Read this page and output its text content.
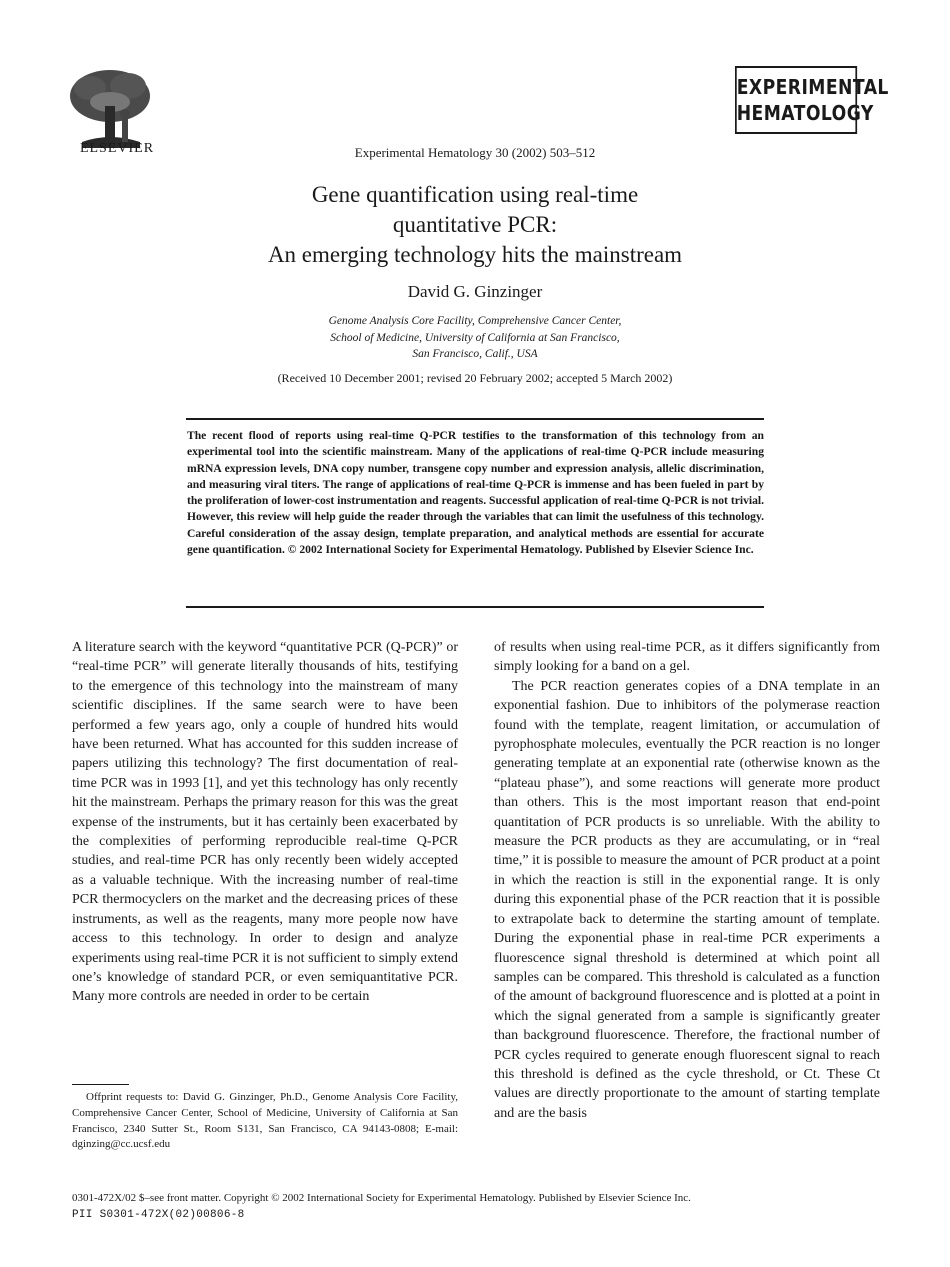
ELSEVIER	Experimental Hematology 30 (2002) 503–512
EXPERIMENTAL
HEMATOLOGY
Gene quantification using real-time
quantitative PCR:
An emerging technology hits the mainstream
David G. Ginzinger
Genome Analysis Core Facility, Comprehensive Cancer Center,
School of Medicine, University of California at San Francisco,
San Francisco, Calif., USA
(Received 10 December 2001; revised 20 February 2002; accepted 5 March 2002)
The recent flood of reports using real-time Q-PCR testifies to the transformation of this technology from an experimental tool into the scientific mainstream. Many of the applications of real-time Q-PCR include measuring mRNA expression levels, DNA copy number, transgene copy number and expression analysis, allelic discrimination, and measuring viral titers. The range of applications of real-time Q-PCR is immense and has been fueled in part by the proliferation of lower-cost instrumentation and reagents. Successful application of real-time Q-PCR is not trivial. However, this review will help guide the reader through the variables that can limit the usefulness of this technology. Careful consideration of the assay design, template preparation, and analytical methods are essential for accurate gene quantification. © 2002 International Society for Experimental Hematology. Published by Elsevier Science Inc.

A literature search with the keyword “quantitative PCR (Q-PCR)” or “real-time PCR” will generate literally thousands of hits, testifying to the emergence of this technology into the mainstream of many scientific disciplines. If the same search were to have been performed a few years ago, only a couple of hundred hits would have been returned. What has accounted for this sudden increase of papers utilizing this technology? The first documentation of real-time PCR was in 1993 [1], and yet this technology has only recently hit the mainstream. Perhaps the primary reason for this was the great expense of the instruments, but it has certainly been exacerbated by the complexities of performing reproducible real-time Q-PCR studies, and real-time PCR has only recently been widely accepted as a valuable technique. With the increasing number of real-time PCR thermocyclers on the market and the decreasing prices of these instruments, as well as the reagents, many more people now have access to this technology. In order to design and analyze experiments using real-time PCR it is not sufficient to simply extend one’s knowledge of standard PCR, or even semiquantitative PCR. Many more controls are needed in order to be certain

of results when using real-time PCR, as it differs significantly from simply looking for a band on a gel.

The PCR reaction generates copies of a DNA template in an exponential fashion. Due to inhibitors of the polymerase reaction found with the template, reagent limitation, or accumulation of pyrophosphate molecules, eventually the PCR reaction is no longer generating template at an exponential rate (otherwise known as the “plateau phase”), and some reactions will generate more product than others. This is the most important reason that end-point quantitation of PCR products is so unreliable. With the ability to measure the PCR products as they are accumulating, or in “real time,” it is possible to measure the amount of PCR product at a point in which the reaction is still in the exponential range. It is only during this exponential phase of the PCR reaction that it is possible to extrapolate back to determine the starting amount of template. During the exponential phase in real-time PCR experiments a fluorescence signal threshold is determined at which point all samples can be compared. This threshold is calculated as a function of the amount of background fluorescence and is plotted at a point in which the signal generated from a sample is significantly greater than background fluorescence. Therefore, the fractional number of PCR cycles required to generate enough fluorescent signal to reach this threshold is defined as the cycle threshold, or Ct. These Ct values are directly proportionate to the amount of starting template and are the basis

Offprint requests to: David G. Ginzinger, Ph.D., Genome Analysis Core Facility, Comprehensive Cancer Center, School of Medicine, University of California at San Francisco, 2340 Sutter St., Room S131, San Francisco, CA 94143-0808; E-mail: dginzing@cc.ucsf.edu

0301-472X/02 $–see front matter. Copyright © 2002 International Society for Experimental Hematology. Published by Elsevier Science Inc.
PII S0301-472X(02)00806-8
